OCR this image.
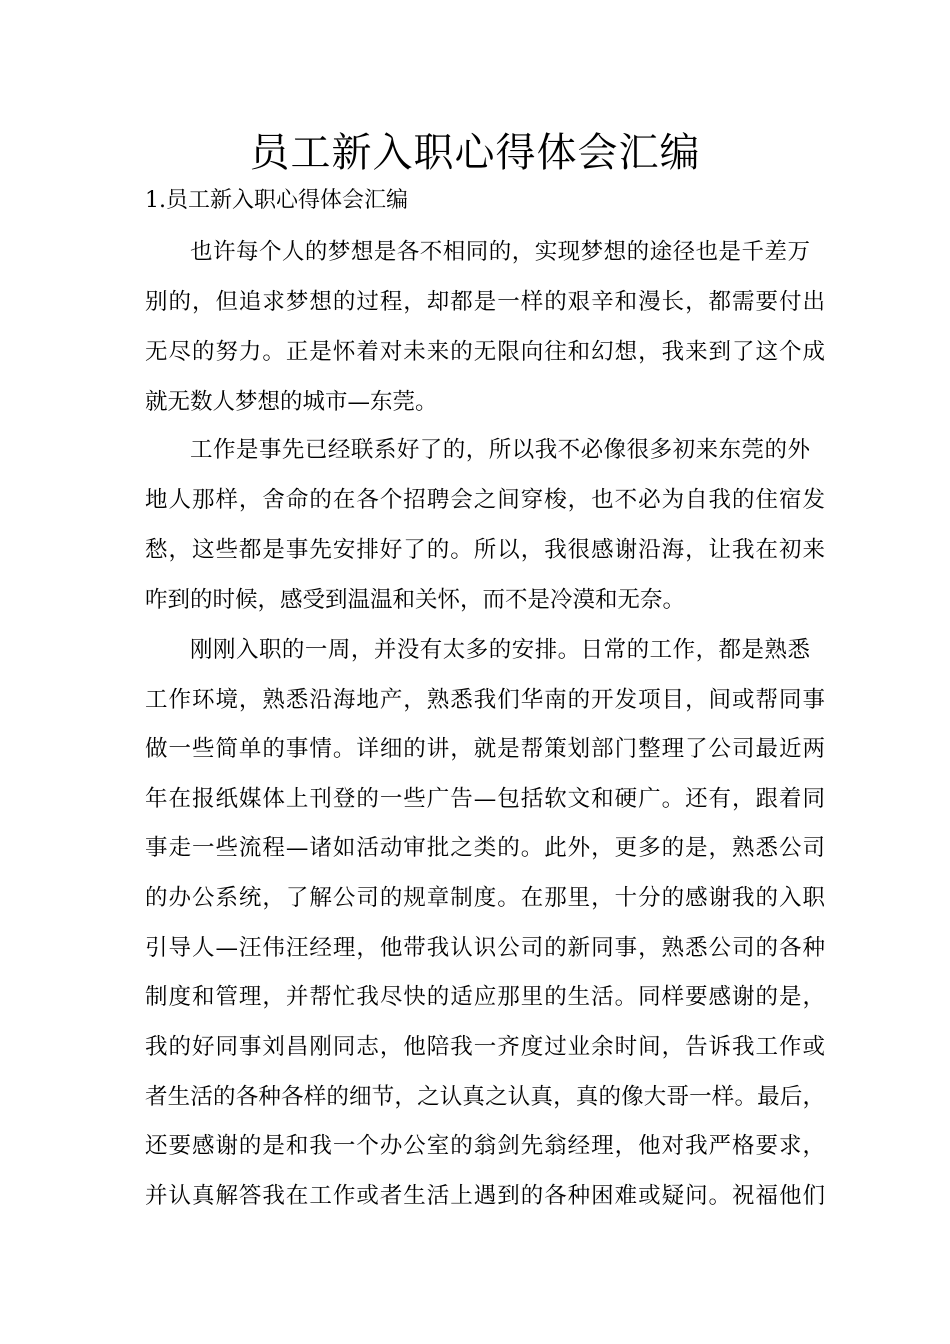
员工新入职心得体会汇编
1.员工新入职心得体会汇编
也许每个人的梦想是各不相同的，实现梦想的途径也是千差万
别的，但追求梦想的过程，却都是一样的艰辛和漫长，都需要付出
无尽的努力。正是怀着对未来的无限向往和幻想，我来到了这个成
就无数人梦想的城市—东莞。
工作是事先已经联系好了的，所以我不必像很多初来东莞的外
地人那样，舍命的在各个招聘会之间穿梭，也不必为自我的住宿发
愁，这些都是事先安排好了的。所以，我很感谢沿海，让我在初来
咋到的时候，感受到温温和关怀，而不是冷漠和无奈。
刚刚入职的一周，并没有太多的安排。日常的工作，都是熟悉
工作环境，熟悉沿海地产，熟悉我们华南的开发项目，间或帮同事
做一些简单的事情。详细的讲，就是帮策划部门整理了公司最近两
年在报纸媒体上刊登的一些广告—包括软文和硬广。还有，跟着同
事走一些流程—诸如活动审批之类的。此外，更多的是，熟悉公司
的办公系统，了解公司的规章制度。在那里，十分的感谢我的入职
引导人—汪伟汪经理，他带我认识公司的新同事，熟悉公司的各种
制度和管理，并帮忙我尽快的适应那里的生活。同样要感谢的是，
我的好同事刘昌刚同志，他陪我一齐度过业余时间，告诉我工作或
者生活的各种各样的细节，之认真之认真，真的像大哥一样。最后，
还要感谢的是和我一个办公室的翁剑先翁经理，他对我严格要求，
并认真解答我在工作或者生活上遇到的各种困难或疑问。祝福他们
